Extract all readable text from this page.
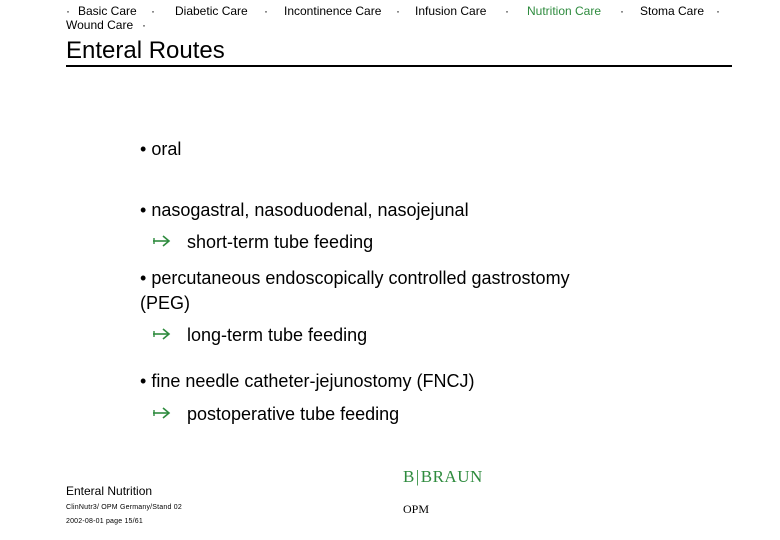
· Basic Care · Diabetic Care · Incontinence Care · Infusion Care · Nutrition Care · Stoma Care ·
Wound Care ·
Enteral Routes
• oral
• nasogastral, nasoduodenal, nasojejunal
short-term tube feeding
• percutaneous endoscopically controlled gastrostomy
(PEG)
long-term tube feeding
• fine needle catheter-jejunostomy (FNCJ)
postoperative tube feeding
Enteral Nutrition
ClinNutr3/ OPM Germany/Stand 02
2002-08-01 page 15/61
B|BRAUN
OPM
